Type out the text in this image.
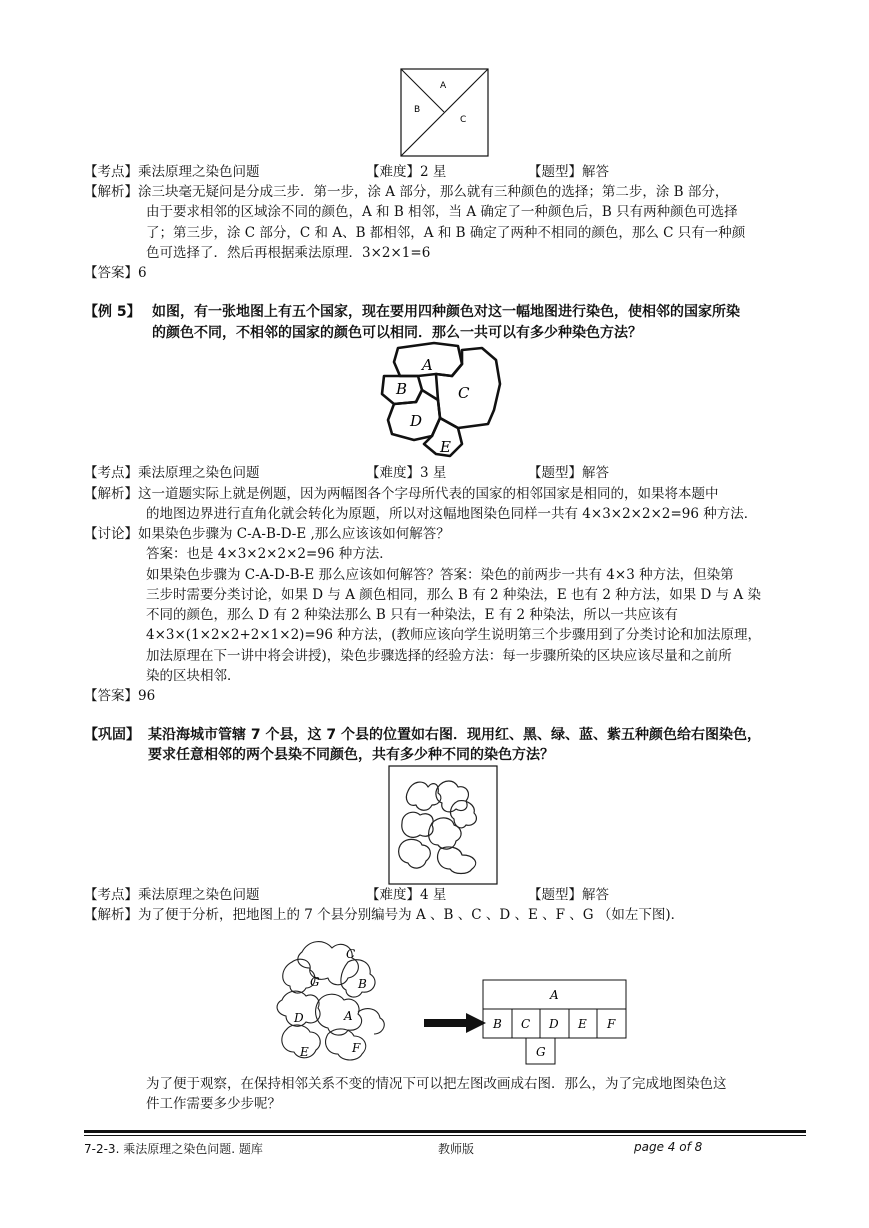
A
B
C
【考点】乘法原理之染色问题	【难度】2 星	【题型】解答
【解析】涂三块毫无疑问是分成三步．第一步，涂 A 部分，那么就有三种颜色的选择；第二步，涂 B 部分，
由于要求相邻的区域涂不同的颜色，A 和 B 相邻，当 A 确定了一种颜色后，B 只有两种颜色可选择
了；第三步，涂 C 部分，C 和 A、B 都相邻，A 和 B 确定了两种不相同的颜色，那么 C 只有一种颜
色可选择了．然后再根据乘法原理．3×2×1=6
【答案】6
【例 5】 如图，有一张地图上有五个国家，现在要用四种颜色对这一幅地图进行染色，使相邻的国家所染
的颜色不同，不相邻的国家的颜色可以相同．那么一共可以有多少种染色方法？
A
B	C
D
E
【考点】乘法原理之染色问题	【难度】3 星	【题型】解答
【解析】这一道题实际上就是例题，因为两幅图各个字母所代表的国家的相邻国家是相同的，如果将本题中
的地图边界进行直角化就会转化为原题，所以对这幅地图染色同样一共有 4×3×2×2×2=96 种方法．
【讨论】如果染色步骤为 C-A-B-D-E ,那么应该该如何解答？
答案：也是 4×3×2×2×2=96 种方法．
如果染色步骤为 C-A-D-B-E 那么应该如何解答？答案：染色的前两步一共有 4×3 种方法，但染第
三步时需要分类讨论，如果 D 与 A 颜色相同，那么 B 有 2 种染法，E 也有 2 种方法，如果 D 与 A 染
不同的颜色，那么 D 有 2 种染法那么 B 只有一种染法，E 有 2 种染法，所以一共应该有
4×3×(1×2×2+2×1×2)=96 种方法，(教师应该向学生说明第三个步骤用到了分类讨论和加法原理，
加法原理在下一讲中将会讲授)，染色步骤选择的经验方法：每一步骤所染的区块应该尽量和之前所
染的区块相邻．
【答案】96
【巩固】 某沿海城市管辖 7 个县，这 7 个县的位置如右图．现用红、黑、绿、蓝、紫五种颜色给右图染色，
要求任意相邻的两个县染不同颜色，共有多少种不同的染色方法？
【考点】乘法原理之染色问题	【难度】4 星	【题型】解答
【解析】为了便于分析，把地图上的 7 个县分别编号为 A 、B 、C 、D 、E 、F 、G （如左下图)．
G
C
B
D	A
E	F
A
B C D E F
G
为了便于观察，在保持相邻关系不变的情况下可以把左图改画成右图．那么，为了完成地图染色这
件工作需要多少步呢？
7-2-3. 乘法原理之染色问题. 题库	教师版	page 4 of 8
